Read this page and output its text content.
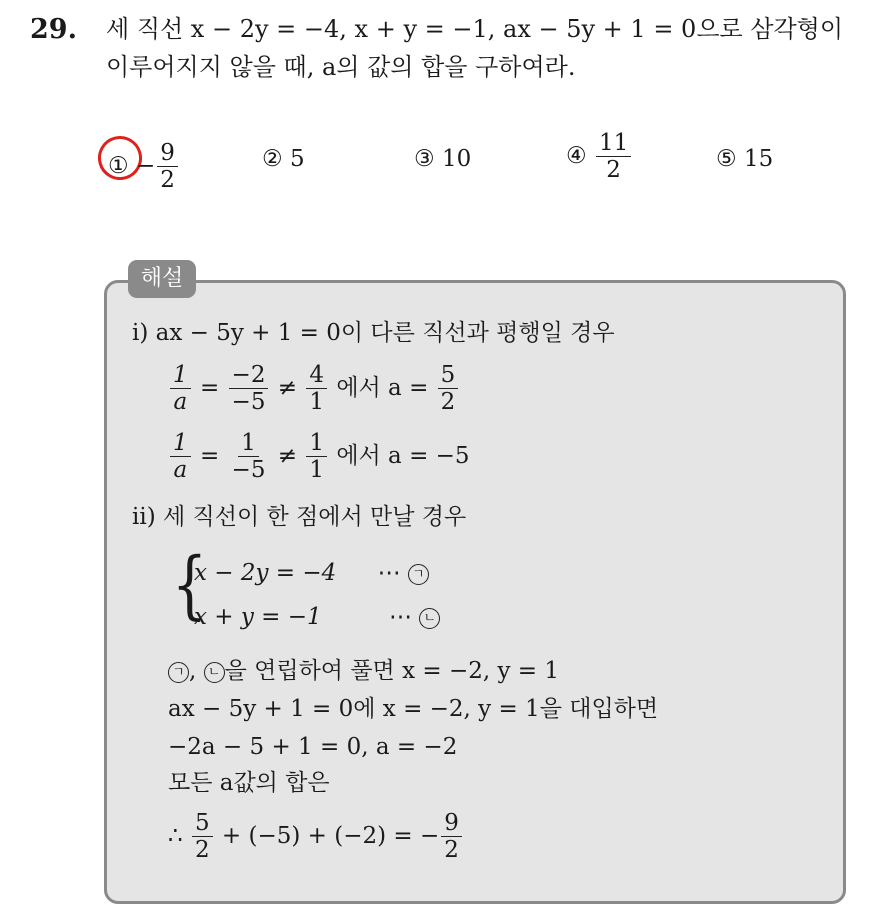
29. 세 직선 x − 2y = −4, x + y = −1, ax − 5y + 1 = 0으로 삼각형이
이루어지지 않을 때, a의 값의 합을 구하여라.
① − $\frac{9}{2}$	② 5	③ 10	④ $\frac{11}{2}$	⑤ 15
해설
ⅰ) ax − 5y + 1 = 0이 다른 직선과 평행일 경우
$\frac{1}{a} = \frac{-2}{-5} \ne \frac{4}{1}$ 에서 $a = \frac{5}{2}$
$\frac{1}{a} = \frac{1}{-5} \ne \frac{1}{1}$ 에서 a = −5
ⅱ) 세 직선이 한 점에서 만날 경우
{
x − 2y = −4 ⋯ ㄱ
x + y = −1	⋯ ㄴ
ㄱ , ㄴ 을 연립하여 풀면 x = −2, y = 1
ax − 5y + 1 = 0에 x = −2, y = 1을 대입하면
−2a − 5 + 1 = 0, a = −2
모든 a값의 합은
∴ $\frac{5}{2} + (-5) + (-2)$ = − $\frac{9}{2}$
